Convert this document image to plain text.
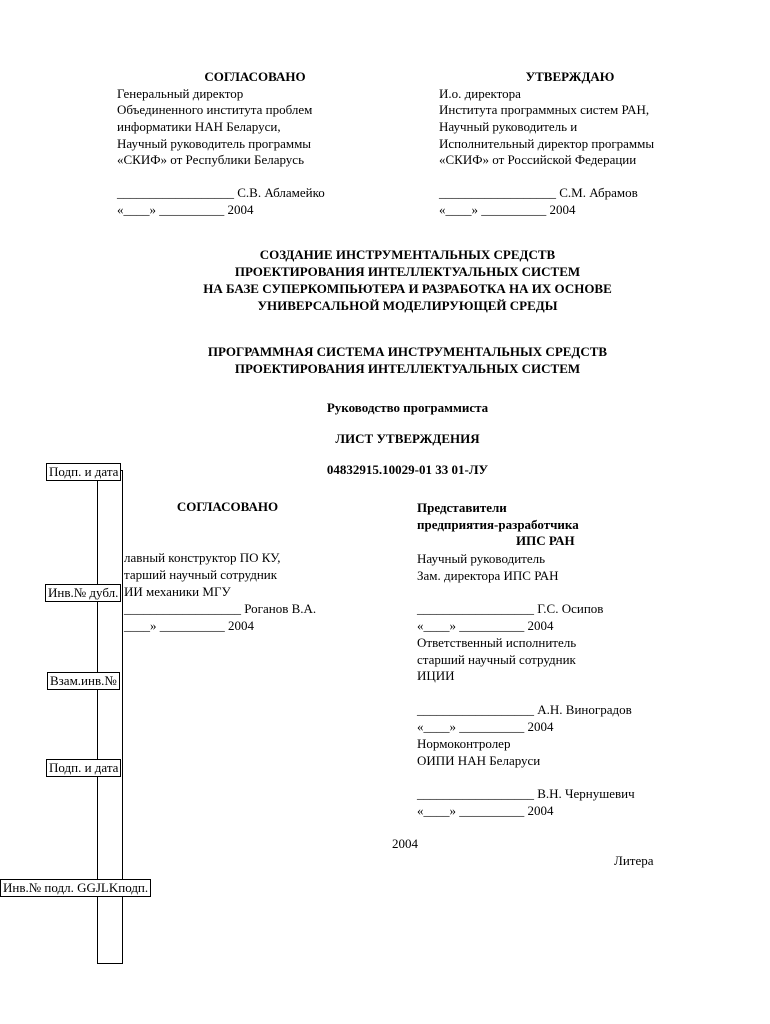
СОГЛАСОВАНО
Генеральный директор
Объединенного института проблем
информатики НАН Беларуси,
Научный руководитель программы
«СКИФ» от Республики Беларусь
__________________ С.В. Абламейко
«____» __________ 2004
УТВЕРЖДАЮ
И.о. директора
Института программных систем РАН,
Научный руководитель и
Исполнительный директор программы
«СКИФ» от Российской Федерации
__________________ С.М. Абрамов
«____» __________ 2004
СОЗДАНИЕ ИНСТРУМЕНТАЛЬНЫХ СРЕДСТВ
ПРОЕКТИРОВАНИЯ ИНТЕЛЛЕКТУАЛЬНЫХ СИСТЕМ
НА БАЗЕ СУПЕРКОМПЬЮТЕРА И РАЗРАБОТКА НА ИХ ОСНОВЕ
УНИВЕРСАЛЬНОЙ МОДЕЛИРУЮЩЕЙ СРЕДЫ
ПРОГРАММНАЯ СИСТЕМА ИНСТРУМЕНТАЛЬНЫХ СРЕДСТВ
ПРОЕКТИРОВАНИЯ ИНТЕЛЛЕКТУАЛЬНЫХ СИСТЕМ
Руководство программиста
ЛИСТ УТВЕРЖДЕНИЯ
04832915.10029-01 33 01-ЛУ
Подп. и дата
Инв.№ дубл.
Взам.инв.№
Подп. и дата
Инв.№ подл. GGJLKподп.
СОГЛАСОВАНО
лавный конструктор ПО КУ,
тарший научный сотрудник
ИИ механики МГУ
__________________ Роганов В.А.
____» __________ 2004
Представители
предприятия-разработчика
ИПС РАН
Научный руководитель
Зам. директора ИПС РАН
__________________ Г.С. Осипов
«____» __________ 2004
Ответственный исполнитель
старший научный сотрудник
ИЦИИ
__________________ А.Н. Виноградов
«____» __________ 2004
Нормоконтролер
ОИПИ НАН Беларуси
__________________ В.Н. Чернушевич
«____» __________ 2004
2004
Литера
